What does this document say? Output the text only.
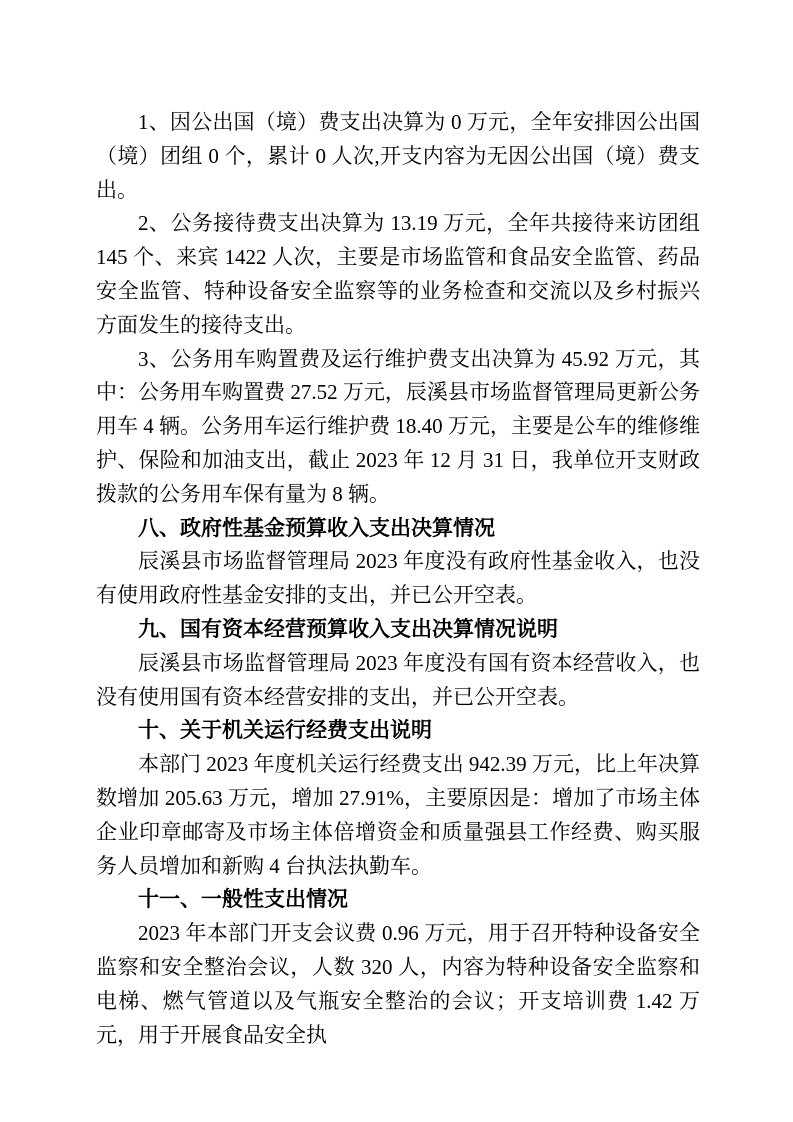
1、因公出国（境）费支出决算为 0 万元，全年安排因公出国（境）团组 0 个，累计 0 人次,开支内容为无因公出国（境）费支出。

2、公务接待费支出决算为 13.19 万元，全年共接待来访团组 145 个、来宾 1422 人次，主要是市场监管和食品安全监管、药品安全监管、特种设备安全监察等的业务检查和交流以及乡村振兴方面发生的接待支出。

3、公务用车购置费及运行维护费支出决算为 45.92 万元，其中：公务用车购置费 27.52 万元，辰溪县市场监督管理局更新公务用车 4 辆。公务用车运行维护费 18.40 万元，主要是公车的维修维护、保险和加油支出，截止 2023 年 12 月 31 日，我单位开支财政拨款的公务用车保有量为 8 辆。

八、政府性基金预算收入支出决算情况

辰溪县市场监督管理局 2023 年度没有政府性基金收入，也没有使用政府性基金安排的支出，并已公开空表。

九、国有资本经营预算收入支出决算情况说明

辰溪县市场监督管理局 2023 年度没有国有资本经营收入，也没有使用国有资本经营安排的支出，并已公开空表。

十、关于机关运行经费支出说明

本部门 2023 年度机关运行经费支出 942.39 万元，比上年决算数增加 205.63 万元，增加 27.91%，主要原因是：增加了市场主体企业印章邮寄及市场主体倍增资金和质量强县工作经费、购买服务人员增加和新购 4 台执法执勤车。

十一、一般性支出情况

2023 年本部门开支会议费 0.96 万元，用于召开特种设备安全监察和安全整治会议，人数 320 人，内容为特种设备安全监察和电梯、燃气管道以及气瓶安全整治的会议；开支培训费 1.42 万元，用于开展食品安全执
